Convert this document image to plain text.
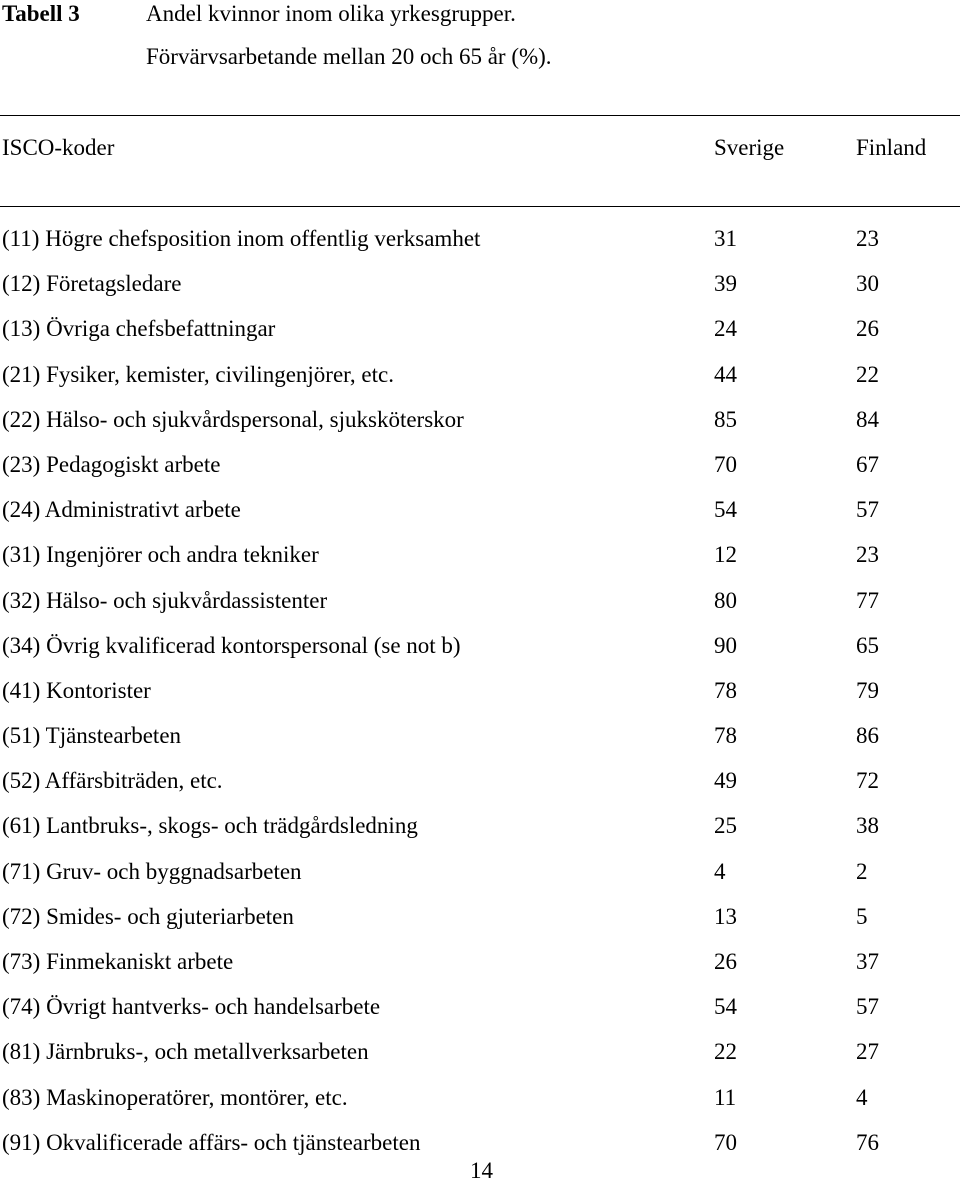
Tabell 3	Andel kvinnor inom olika yrkesgrupper.
Förvärvsarbetande mellan 20 och 65 år (%).
ISCO-koder	Sverige	Finland
(11) Högre chefsposition inom offentlig verksamhet	31	23
(12) Företagsledare	39	30
(13) Övriga chefsbefattningar	24	26
(21) Fysiker, kemister, civilingenjörer, etc.	44	22
(22) Hälso- och sjukvårdspersonal, sjuksköterskor	85	84
(23) Pedagogiskt arbete	70	67
(24) Administrativt arbete	54	57
(31) Ingenjörer och andra tekniker	12	23
(32) Hälso- och sjukvårdassistenter	80	77
(34) Övrig kvalificerad kontorspersonal (se not b)	90	65
(41) Kontorister	78	79
(51) Tjänstearbeten	78	86
(52) Affärsbiträden, etc.	49	72
(61) Lantbruks-, skogs- och trädgårdsledning	25	38
(71) Gruv- och byggnadsarbeten	4	2
(72) Smides- och gjuteriarbeten	13	5
(73) Finmekaniskt arbete	26	37
(74) Övrigt hantverks- och handelsarbete	54	57
(81) Järnbruks-, och metallverksarbeten	22	27
(83) Maskinoperatörer, montörer, etc.	11	4
(91) Okvalificerade affärs- och tjänstearbeten	70	76
14
